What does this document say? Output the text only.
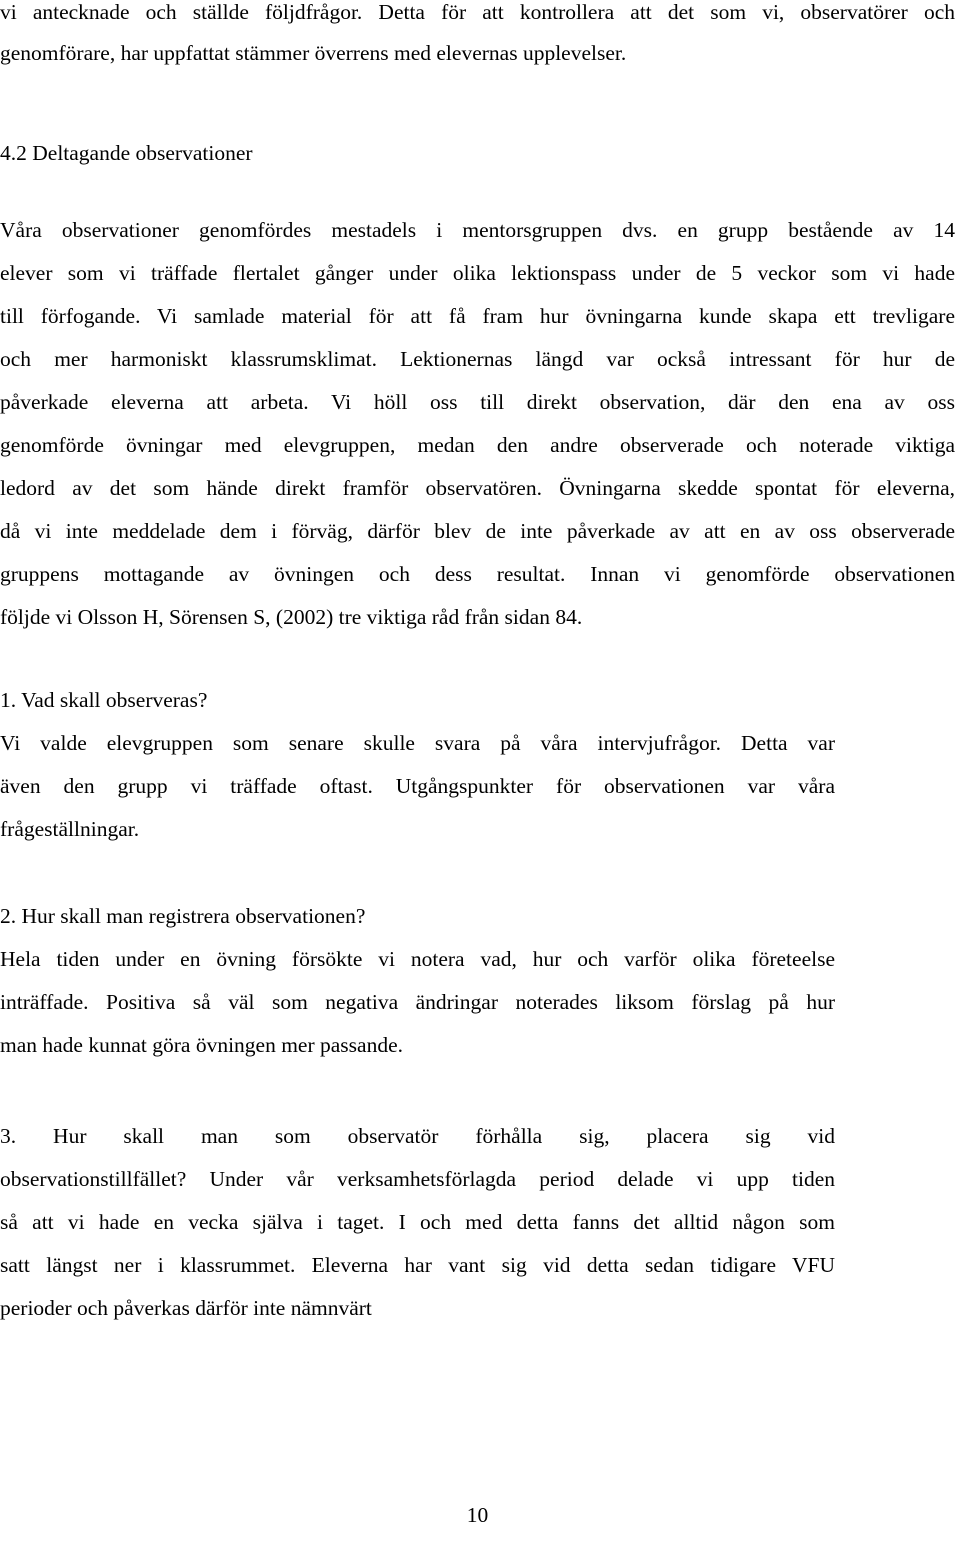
vi antecknade och ställde följdfrågor. Detta för att kontrollera att det som vi, observatörer och

genomförare, har uppfattat stämmer överrens med elevernas upplevelser.

4.2 Deltagande observationer

Våra observationer genomfördes mestadels i mentorsgruppen dvs. en grupp bestående av 14

elever som vi träffade flertalet gånger under olika lektionspass under de 5 veckor som vi hade

till förfogande. Vi samlade material för att få fram hur övningarna kunde skapa ett trevligare

och mer harmoniskt klassrumsklimat. Lektionernas längd var också intressant för hur de

påverkade eleverna att arbeta. Vi höll oss till direkt observation, där den ena av oss

genomförde övningar med elevgruppen, medan den andre observerade och noterade viktiga

ledord av det som hände direkt framför observatören. Övningarna skedde spontat för eleverna,

då vi inte meddelade dem i förväg, därför blev de inte påverkade av att en av oss observerade

gruppens mottagande av övningen och dess resultat. Innan vi genomförde observationen

följde vi Olsson H, Sörensen S, (2002) tre viktiga råd från sidan 84.

1. Vad skall observeras?

Vi valde elevgruppen som senare skulle svara på våra intervjufrågor. Detta var

även den grupp vi träffade oftast. Utgångspunkter för observationen var våra

frågeställningar.

2. Hur skall man registrera observationen?

Hela tiden under en övning försökte vi notera vad, hur och varför olika företeelse

inträffade. Positiva så väl som negativa ändringar noterades liksom förslag på hur

man hade kunnat göra övningen mer passande.

3. Hur skall man som observatör förhålla sig, placera sig vid

observationstillfället? Under vår verksamhetsförlagda period delade vi upp tiden

så att vi hade en vecka själva i taget. I och med detta fanns det alltid någon som

satt längst ner i klassrummet. Eleverna har vant sig vid detta sedan tidigare VFU

perioder och påverkas därför inte nämnvärt

10
